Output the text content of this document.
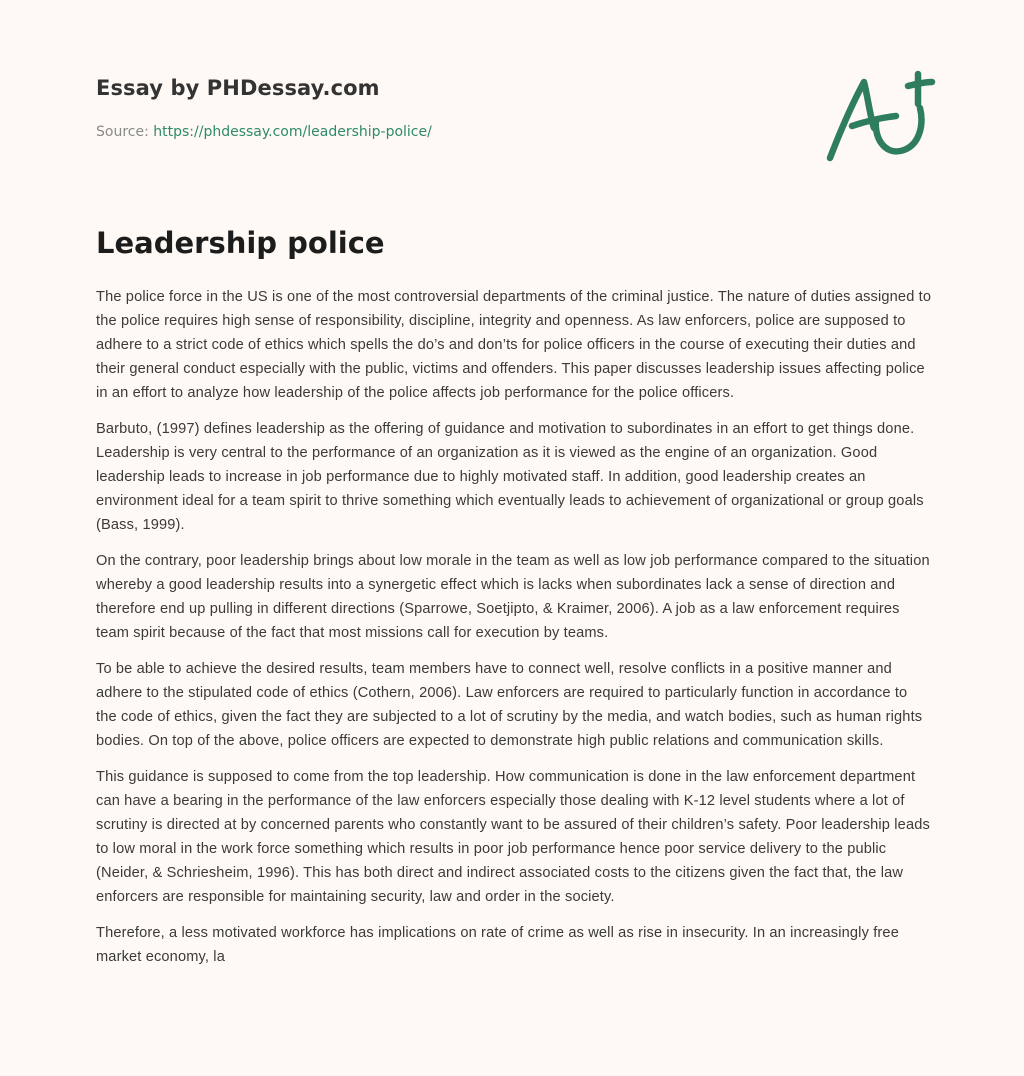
Essay by PHDessay.com
Source: https://phdessay.com/leadership-police/
Leadership police

The police force in the US is one of the most controversial departments of the criminal justice. The nature of duties assigned to the police requires high sense of responsibility, discipline, integrity and openness. As law enforcers, police are supposed to adhere to a strict code of ethics which spells the do’s and don’ts for police officers in the course of executing their duties and their general conduct especially with the public, victims and offenders. This paper discusses leadership issues affecting police in an effort to analyze how leadership of the police affects job performance for the police officers.

Barbuto, (1997) defines leadership as the offering of guidance and motivation to subordinates in an effort to get things done. Leadership is very central to the performance of an organization as it is viewed as the engine of an organization. Good leadership leads to increase in job performance due to highly motivated staff. In addition, good leadership creates an environment ideal for a team spirit to thrive something which eventually leads to achievement of organizational or group goals (Bass, 1999).

On the contrary, poor leadership brings about low morale in the team as well as low job performance compared to the situation whereby a good leadership results into a synergetic effect which is lacks when subordinates lack a sense of direction and therefore end up pulling in different directions (Sparrowe, Soetjipto, & Kraimer, 2006). A job as a law enforcement requires team spirit because of the fact that most missions call for execution by teams.

To be able to achieve the desired results, team members have to connect well, resolve conflicts in a positive manner and adhere to the stipulated code of ethics (Cothern, 2006). Law enforcers are required to particularly function in accordance to the code of ethics, given the fact they are subjected to a lot of scrutiny by the media, and watch bodies, such as human rights bodies. On top of the above, police officers are expected to demonstrate high public relations and communication skills.

This guidance is supposed to come from the top leadership. How communication is done in the law enforcement department can have a bearing in the performance of the law enforcers especially those dealing with K-12 level students where a lot of scrutiny is directed at by concerned parents who constantly want to be assured of their children’s safety. Poor leadership leads to low moral in the work force something which results in poor job performance hence poor service delivery to the public (Neider, & Schriesheim, 1996). This has both direct and indirect associated costs to the citizens given the fact that, the law enforcers are responsible for maintaining security, law and order in the society.

Therefore, a less motivated workforce has implications on rate of crime as well as rise in insecurity. In an increasingly free market economy, la
